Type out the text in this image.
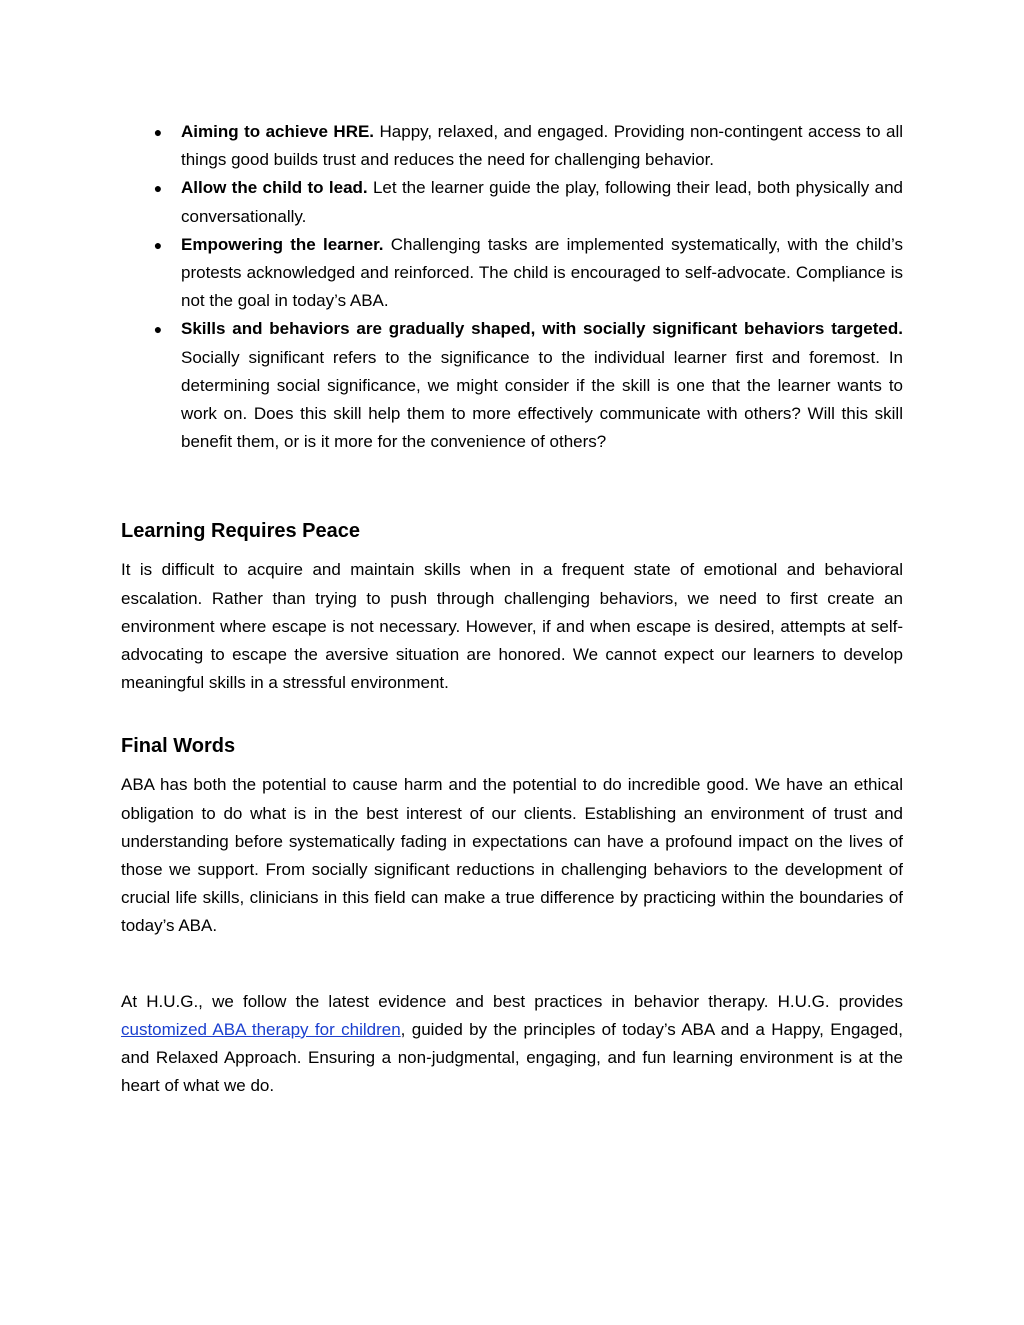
● Aiming to achieve HRE. Happy, relaxed, and engaged. Providing non-contingent access to all things good builds trust and reduces the need for challenging behavior.
● Allow the child to lead. Let the learner guide the play, following their lead, both physically and conversationally.
● Empowering the learner. Challenging tasks are implemented systematically, with the child’s protests acknowledged and reinforced. The child is encouraged to self-advocate. Compliance is not the goal in today’s ABA.
● Skills and behaviors are gradually shaped, with socially significant behaviors targeted. Socially significant refers to the significance to the individual learner first and foremost. In determining social significance, we might consider if the skill is one that the learner wants to work on. Does this skill help them to more effectively communicate with others? Will this skill benefit them, or is it more for the convenience of others?
Learning Requires Peace

It is difficult to acquire and maintain skills when in a frequent state of emotional and behavioral escalation. Rather than trying to push through challenging behaviors, we need to first create an environment where escape is not necessary. However, if and when escape is desired, attempts at self-advocating to escape the aversive situation are honored. We cannot expect our learners to develop meaningful skills in a stressful environment.

Final Words

ABA has both the potential to cause harm and the potential to do incredible good. We have an ethical obligation to do what is in the best interest of our clients. Establishing an environment of trust and understanding before systematically fading in expectations can have a profound impact on the lives of those we support. From socially significant reductions in challenging behaviors to the development of crucial life skills, clinicians in this field can make a true difference by practicing within the boundaries of today’s ABA.

At H.U.G., we follow the latest evidence and best practices in behavior therapy. H.U.G. provides customized ABA therapy for children, guided by the principles of today’s ABA and a Happy, Engaged, and Relaxed Approach. Ensuring a non-judgmental, engaging, and fun learning environment is at the heart of what we do.
